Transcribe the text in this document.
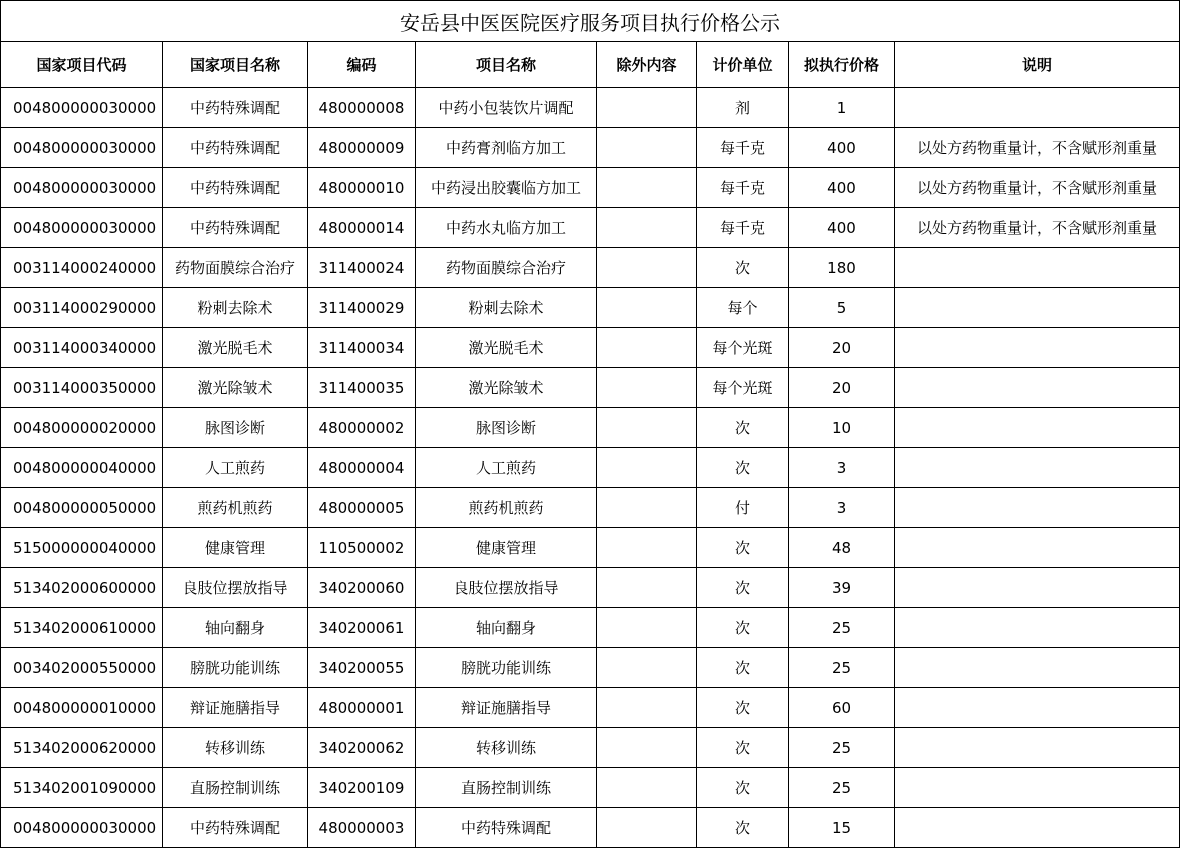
安岳县中医医院医疗服务项目执行价格公示							
国家项目代码	国家项目名称	编码	项目名称	除外内容	计价单位	拟执行价格	说明
004800000030000	中药特殊调配	480000008	中药小包装饮片调配		剂	1	
004800000030000	中药特殊调配	480000009	中药膏剂临方加工		每千克	400	以处方药物重量计，不含赋形剂重量
004800000030000	中药特殊调配	480000010	中药浸出胶囊临方加工		每千克	400	以处方药物重量计，不含赋形剂重量
004800000030000	中药特殊调配	480000014	中药水丸临方加工		每千克	400	以处方药物重量计，不含赋形剂重量
003114000240000	药物面膜综合治疗	311400024	药物面膜综合治疗		次	180	
003114000290000	粉刺去除术	311400029	粉刺去除术		每个	5	
003114000340000	激光脱毛术	311400034	激光脱毛术		每个光斑	20	
003114000350000	激光除皱术	311400035	激光除皱术		每个光斑	20	
004800000020000	脉图诊断	480000002	脉图诊断		次	10	
004800000040000	人工煎药	480000004	人工煎药		次	3	
004800000050000	煎药机煎药	480000005	煎药机煎药		付	3	
515000000040000	健康管理	110500002	健康管理		次	48	
513402000600000	良肢位摆放指导	340200060	良肢位摆放指导		次	39	
513402000610000	轴向翻身	340200061	轴向翻身		次	25	
003402000550000	膀胱功能训练	340200055	膀胱功能训练		次	25	
004800000010000	辩证施膳指导	480000001	辩证施膳指导		次	60	
513402000620000	转移训练	340200062	转移训练		次	25	
513402001090000	直肠控制训练	340200109	直肠控制训练		次	25	
004800000030000	中药特殊调配	480000003	中药特殊调配		次	15	
